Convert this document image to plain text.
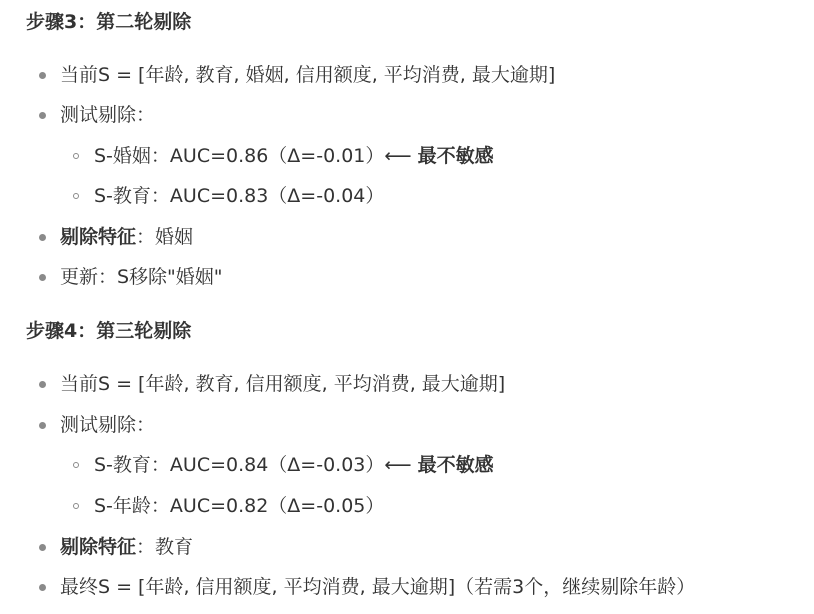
步骤3：第二轮剔除
当前S = [年龄, 教育, 婚姻, 信用额度, 平均消费, 最大逾期]
测试剔除：
S-婚姻：AUC=0.86（Δ=-0.01）⟵ 最不敏感
S-教育：AUC=0.83（Δ=-0.04）
剔除特征：婚姻
更新：S移除"婚姻"
步骤4：第三轮剔除
当前S = [年龄, 教育, 信用额度, 平均消费, 最大逾期]
测试剔除：
S-教育：AUC=0.84（Δ=-0.03）⟵ 最不敏感
S-年龄：AUC=0.82（Δ=-0.05）
剔除特征：教育
最终S = [年龄, 信用额度, 平均消费, 最大逾期]（若需3个，继续剔除年龄）
